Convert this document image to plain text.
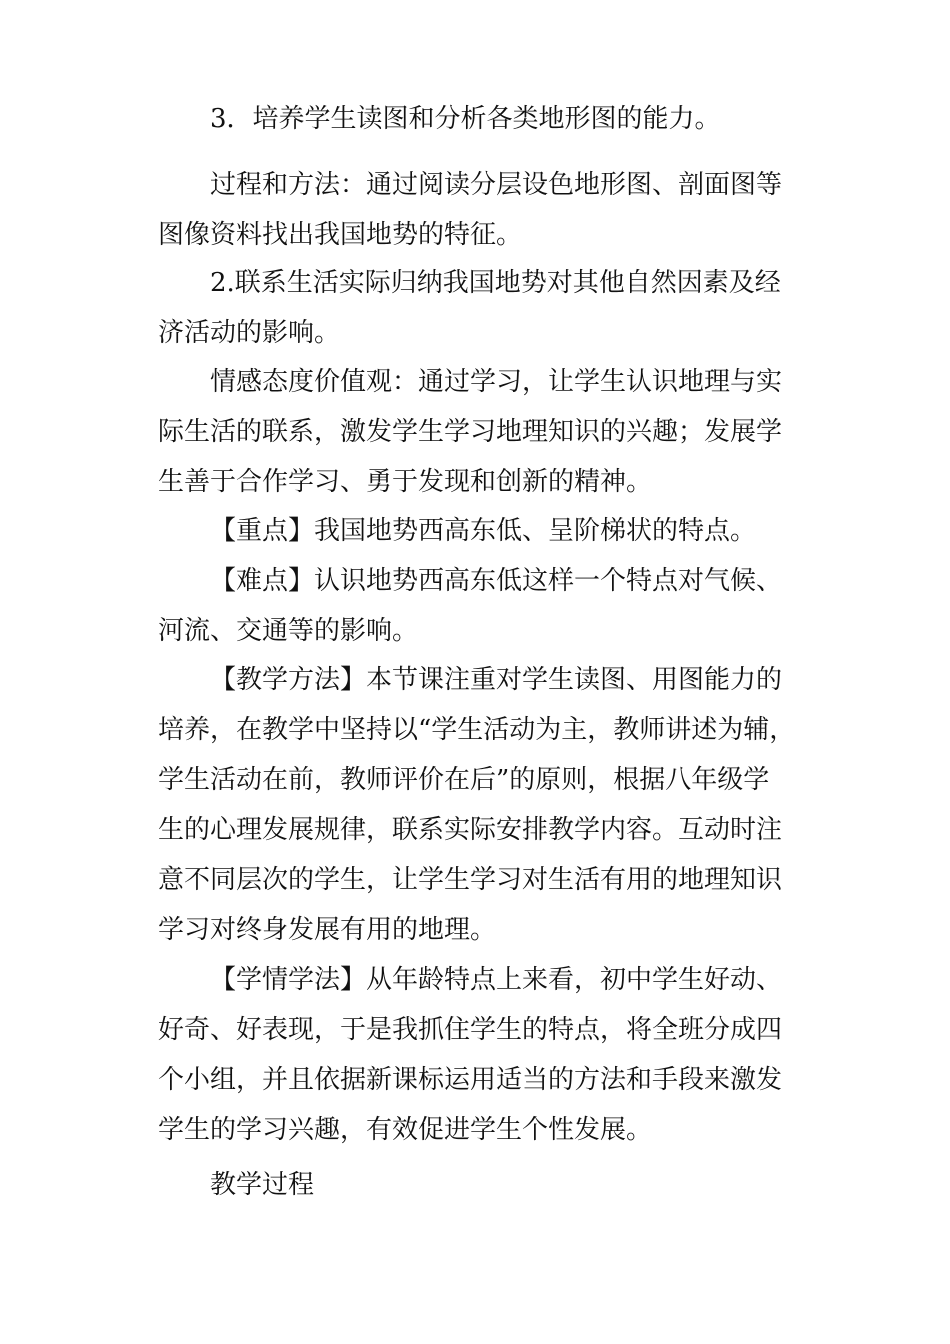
3．培养学生读图和分析各类地形图的能力。
过程和方法：通过阅读分层设色地形图、剖面图等
图像资料找出我国地势的特征。
2.联系生活实际归纳我国地势对其他自然因素及经
济活动的影响。
情感态度价值观：通过学习，让学生认识地理与实
际生活的联系，激发学生学习地理知识的兴趣；发展学
生善于合作学习、勇于发现和创新的精神。
【重点】我国地势西高东低、呈阶梯状的特点。
【难点】认识地势西高东低这样一个特点对气候、
河流、交通等的影响。
【教学方法】本节课注重对学生读图、用图能力的
培养，在教学中坚持以“学生活动为主，教师讲述为辅，
学生活动在前，教师评价在后”的原则，根据八年级学
生的心理发展规律，联系实际安排教学内容。互动时注
意不同层次的学生，让学生学习对生活有用的地理知识
学习对终身发展有用的地理。
【学情学法】从年龄特点上来看，初中学生好动、
好奇、好表现，于是我抓住学生的特点，将全班分成四
个小组，并且依据新课标运用适当的方法和手段来激发
学生的学习兴趣，有效促进学生个性发展。
教学过程
